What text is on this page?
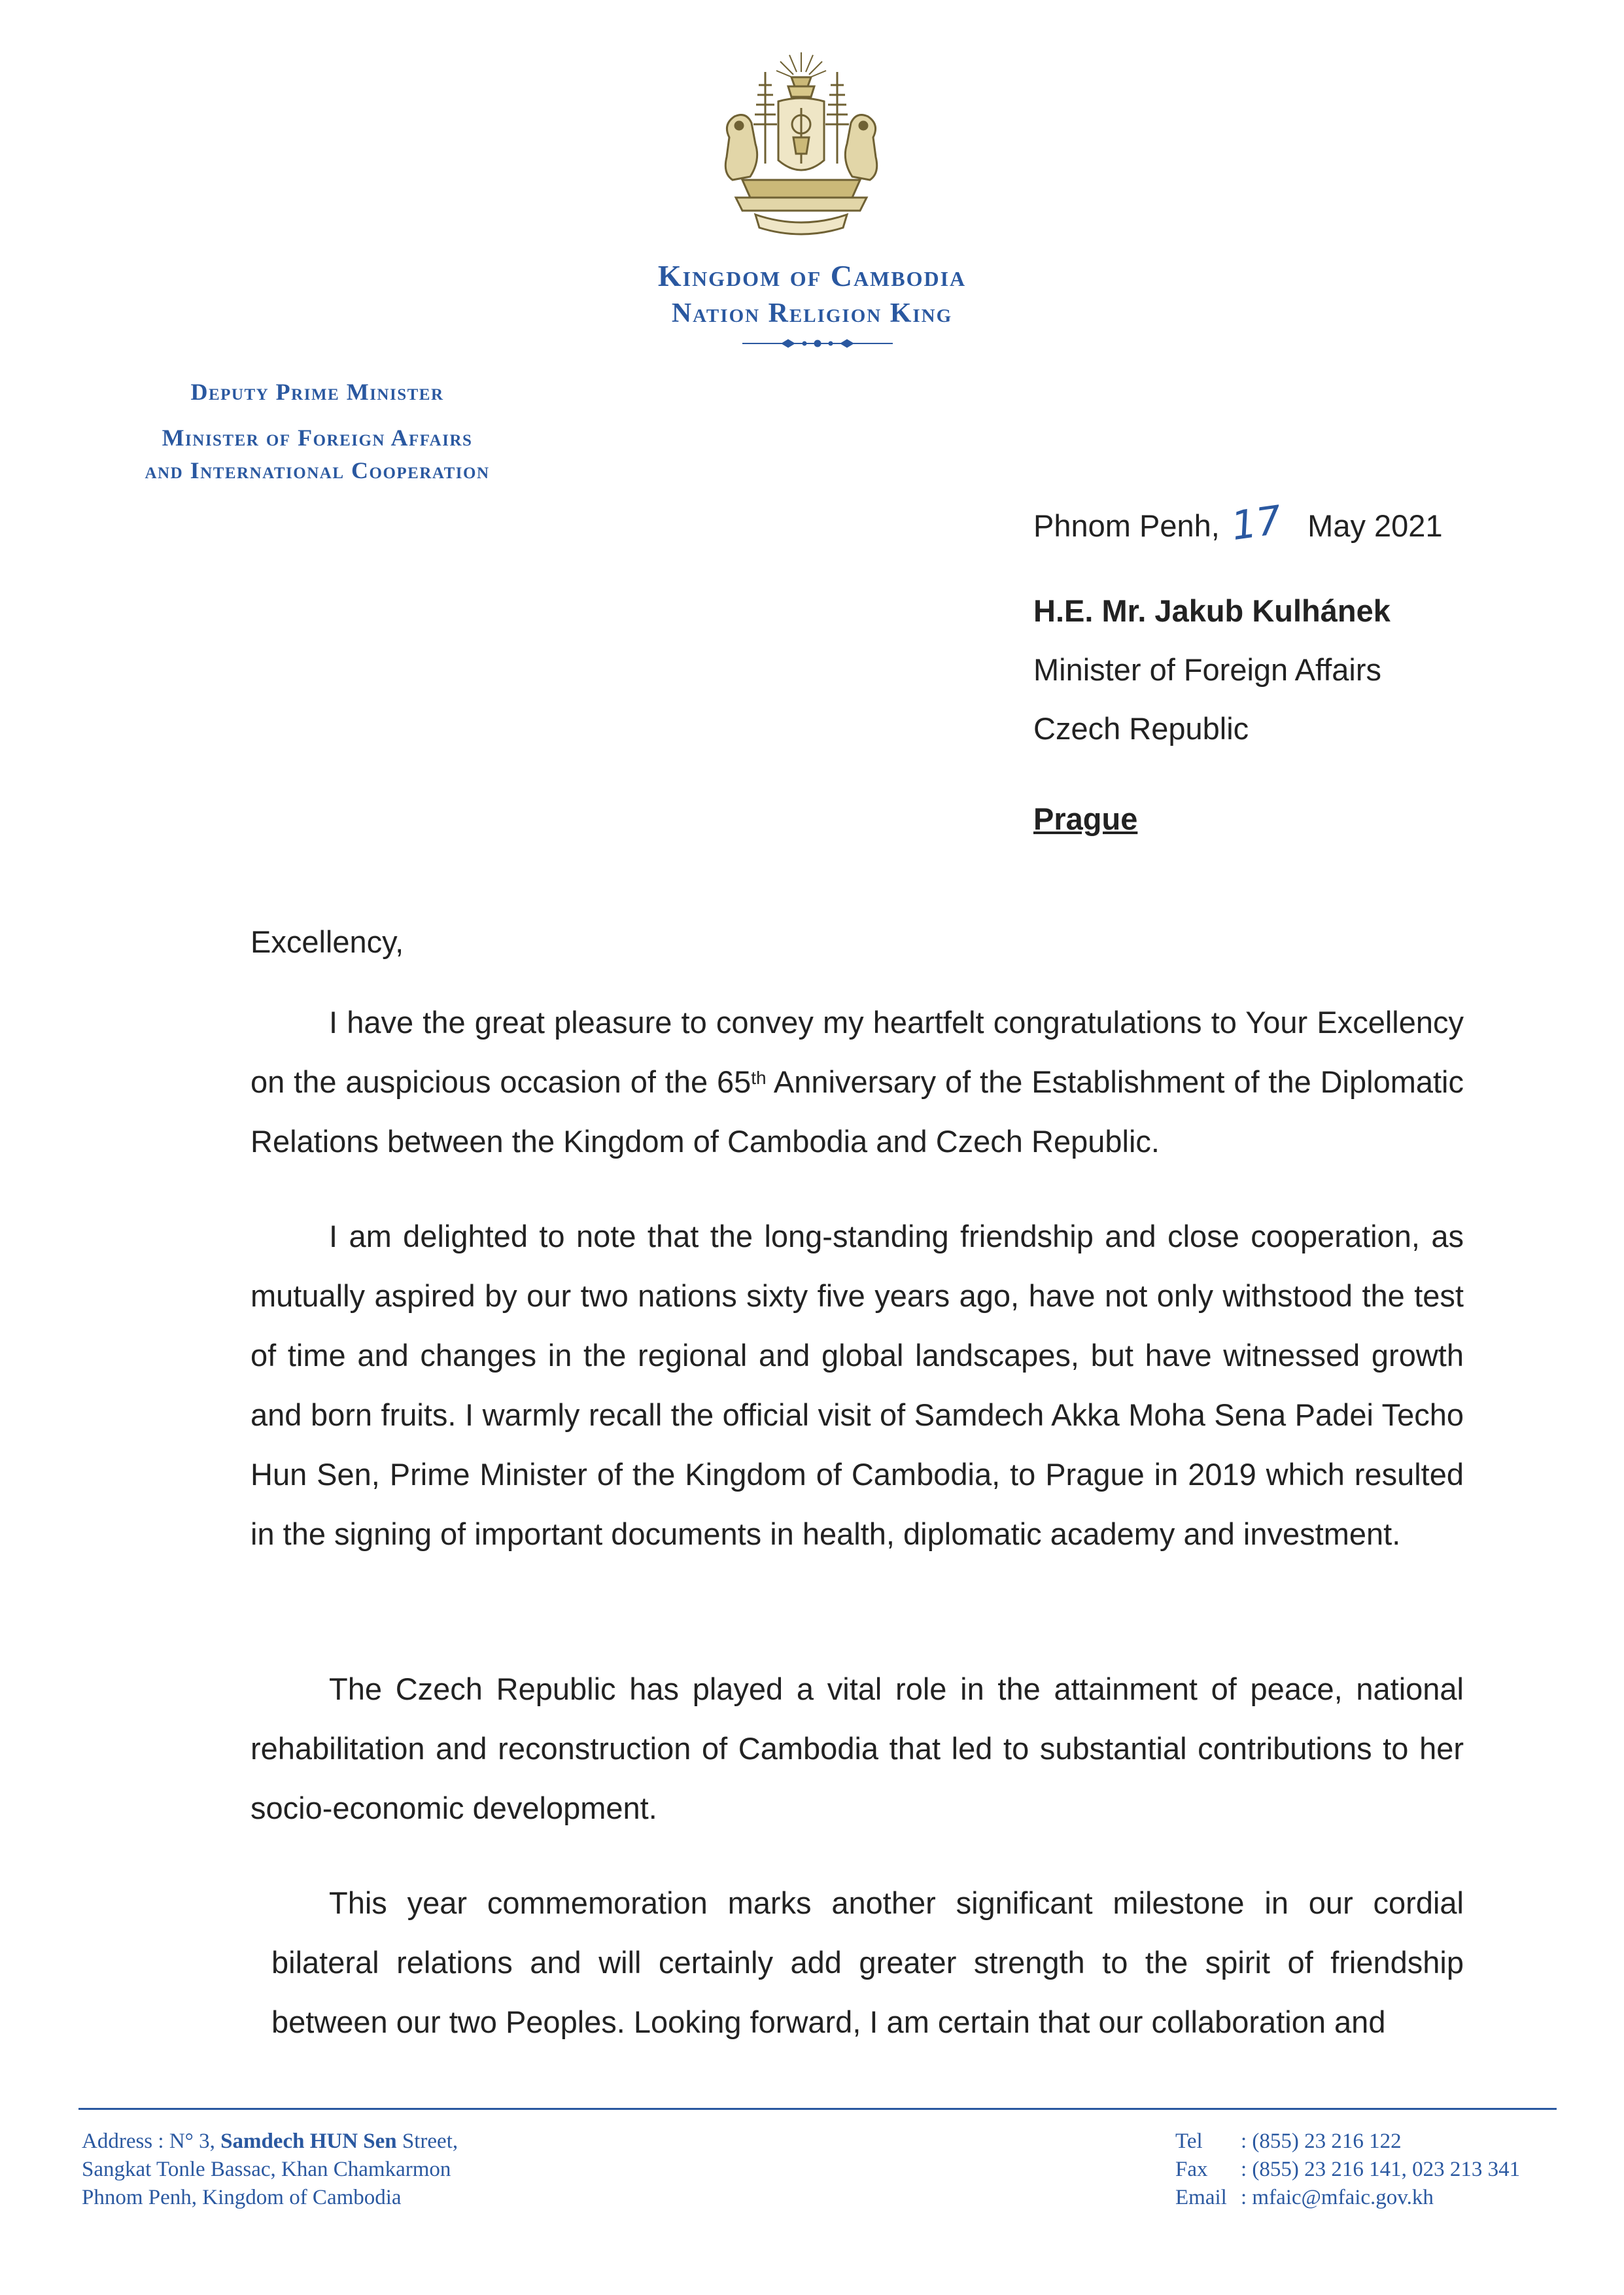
Kingdom of Cambodia
Nation Religion King
Deputy Prime Minister
Minister of Foreign Affairs
and International Cooperation
Phnom Penh, 17 May 2021
H.E. Mr. Jakub Kulhánek
Minister of Foreign Affairs
Czech Republic
Prague
Excellency,
I have the great pleasure to convey my heartfelt congratulations to Your Excellency on the auspicious occasion of the 65th Anniversary of the Establishment of the Diplomatic Relations between the Kingdom of Cambodia and Czech Republic.
I am delighted to note that the long-standing friendship and close cooperation, as mutually aspired by our two nations sixty five years ago, have not only withstood the test of time and changes in the regional and global landscapes, but have witnessed growth and born fruits. I warmly recall the official visit of Samdech Akka Moha Sena Padei Techo Hun Sen, Prime Minister of the Kingdom of Cambodia, to Prague in 2019 which resulted in the signing of important documents in health, diplomatic academy and investment.
The Czech Republic has played a vital role in the attainment of peace, national rehabilitation and reconstruction of Cambodia that led to substantial contributions to her socio-economic development.
This year commemoration marks another significant milestone in our cordial bilateral relations and will certainly add greater strength to the spirit of friendship between our two Peoples. Looking forward, I am certain that our collaboration and
Address : N° 3, Samdech HUN Sen Street,
Sangkat Tonle Bassac, Khan Chamkarmon
Phnom Penh, Kingdom of Cambodia
Tel : (855) 23 216 122
Fax : (855) 23 216 141, 023 213 341
Email : mfaic@mfaic.gov.kh
